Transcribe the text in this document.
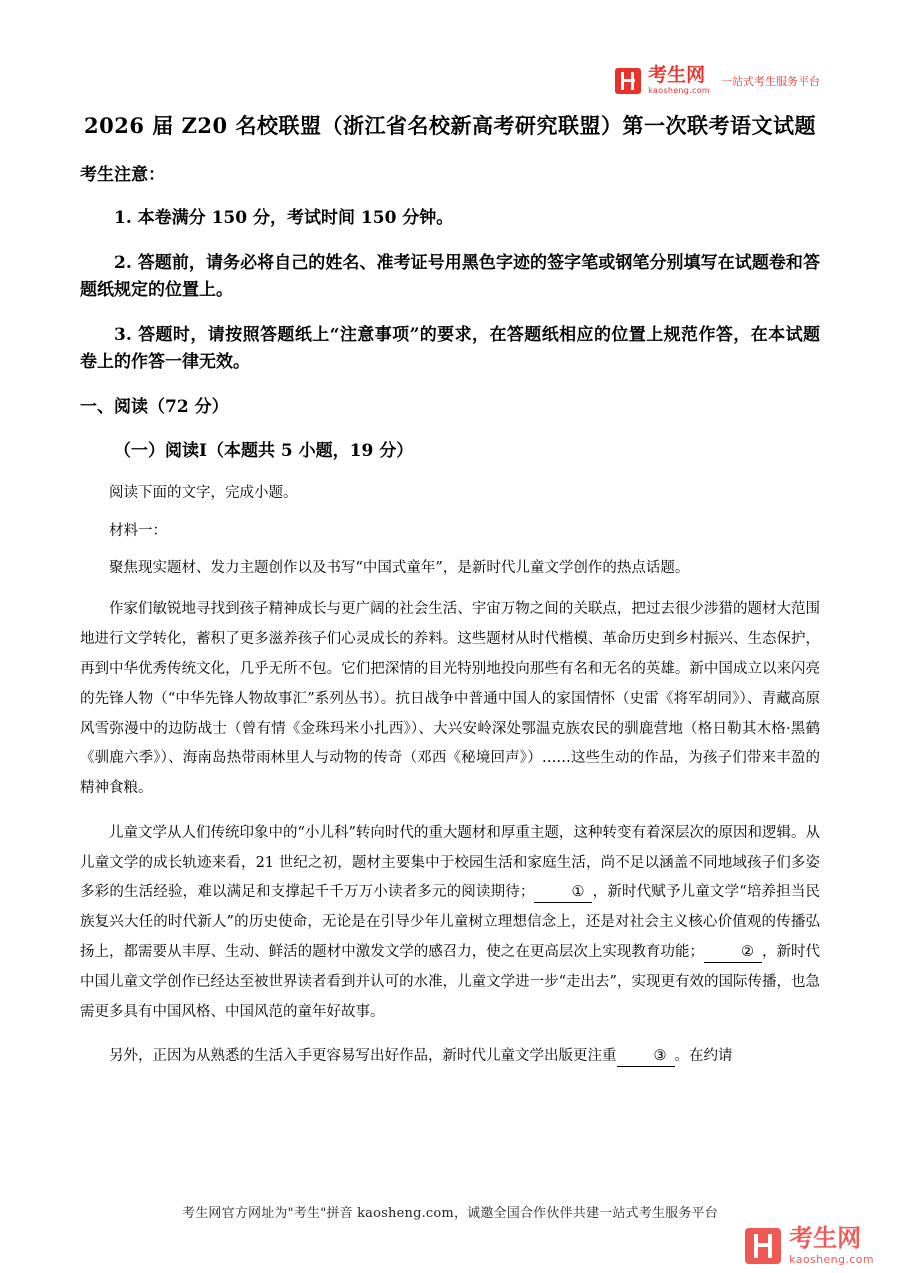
考生网
kaosheng.com
一站式考生服务平台
2026 届 Z20 名校联盟（浙江省名校新高考研究联盟）第一次联考语文试题

考生注意：

1. 本卷满分 150 分，考试时间 150 分钟。

2. 答题前，请务必将自己的姓名、准考证号用黑色字迹的签字笔或钢笔分别填写在试题卷和答题纸规定的位置上。

3. 答题时，请按照答题纸上“注意事项”的要求，在答题纸相应的位置上规范作答，在本试题卷上的作答一律无效。

一、阅读（72 分）

（一）阅读Ⅰ（本题共 5 小题，19 分）

阅读下面的文字，完成小题。

材料一：

聚焦现实题材、发力主题创作以及书写“中国式童年”，是新时代儿童文学创作的热点话题。

作家们敏锐地寻找到孩子精神成长与更广阔的社会生活、宇宙万物之间的关联点，把过去很少涉猎的题材大范围地进行文学转化，蓄积了更多滋养孩子们心灵成长的养料。这些题材从时代楷模、革命历史到乡村振兴、生态保护，再到中华优秀传统文化，几乎无所不包。它们把深情的目光特别地投向那些有名和无名的英雄。新中国成立以来闪亮的先锋人物（“中华先锋人物故事汇”系列丛书）。抗日战争中普通中国人的家国情怀（史雷《将军胡同》）、青藏高原风雪弥漫中的边防战士（曾有情《金珠玛米小扎西》）、大兴安岭深处鄂温克族农民的驯鹿营地（格日勒其木格·黑鹤《驯鹿六季》）、海南岛热带雨林里人与动物的传奇（邓西《秘境回声》）……这些生动的作品，为孩子们带来丰盈的精神食粮。

儿童文学从人们传统印象中的“小儿科”转向时代的重大题材和厚重主题，这种转变有着深层次的原因和逻辑。从儿童文学的成长轨迹来看，21 世纪之初，题材主要集中于校园生活和家庭生活，尚不足以涵盖不同地域孩子们多姿多彩的生活经验，难以满足和支撑起千千万万小读者多元的阅读期待；	① ，新时代赋予儿童文学“培养担当民族复兴大任的时代新人”的历史使命，无论是在引导少年儿童树立理想信念上，还是对社会主义核心价值观的传播弘扬上，都需要从丰厚、生动、鲜活的题材中激发文学的感召力，使之在更高层次上实现教育功能；	② ，新时代中国儿童文学创作已经达至被世界读者看到并认可的水准，儿童文学进一步“走出去”，实现更有效的国际传播，也急需更多具有中国风格、中国风范的童年好故事。

另外，正因为从熟悉的生活入手更容易写出好作品，新时代儿童文学出版更注重	③ 。在约请

考生网官方网址为"考生"拼音 kaosheng.com，诚邀全国合作伙伴共建一站式考生服务平台
考生网
kaosheng.com
